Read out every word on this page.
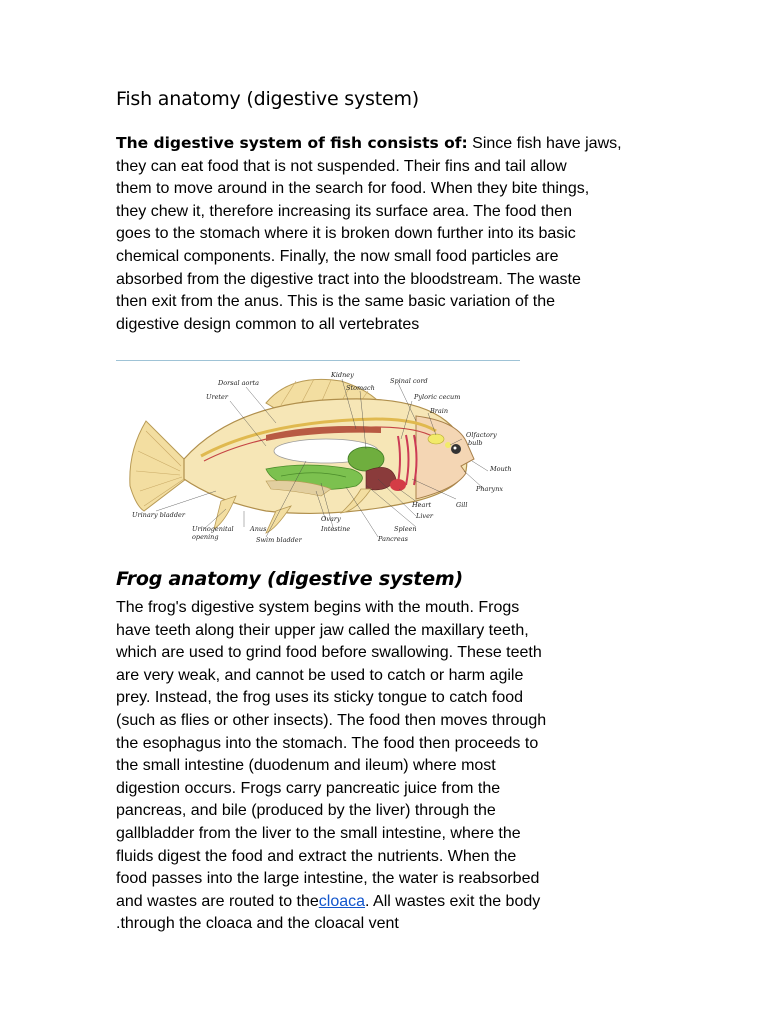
Fish anatomy (digestive system)

The digestive system of fish consists of: Since fish have jaws,
they can eat food that is not suspended. Their fins and tail allow
them to move around in the search for food. When they bite things,
they chew it, therefore increasing its surface area. The food then
goes to the stomach where it is broken down further into its basic
chemical components. Finally, the now small food particles are
absorbed from the digestive tract into the bloodstream. The waste
then exit from the anus. This is the same basic variation of the
digestive design common to all vertebrates

Dorsal aorta
Kidney
Stomach
Spinal cord
Ureter	Pyloric cecum
Brain
Olfactory
bulb
Mouth
Pharynx
Heart	Gill
Liver
Urinary bladder
Urinogenital
opening
Anus
Swim bladder
Ovary
Intestine	Spleen
Pancreas
Frog anatomy (digestive system)

The frog's digestive system begins with the mouth. Frogs
have teeth along their upper jaw called the maxillary teeth,
which are used to grind food before swallowing. These teeth
are very weak, and cannot be used to catch or harm agile
prey. Instead, the frog uses its sticky tongue to catch food
(such as flies or other insects). The food then moves through
the esophagus into the stomach. The food then proceeds to
the small intestine (duodenum and ileum) where most
digestion occurs. Frogs carry pancreatic juice from the
pancreas, and bile (produced by the liver) through the
gallbladder from the liver to the small intestine, where the
fluids digest the food and extract the nutrients. When the
food passes into the large intestine, the water is reabsorbed
and wastes are routed to thecloaca. All wastes exit the body
.through the cloaca and the cloacal vent
